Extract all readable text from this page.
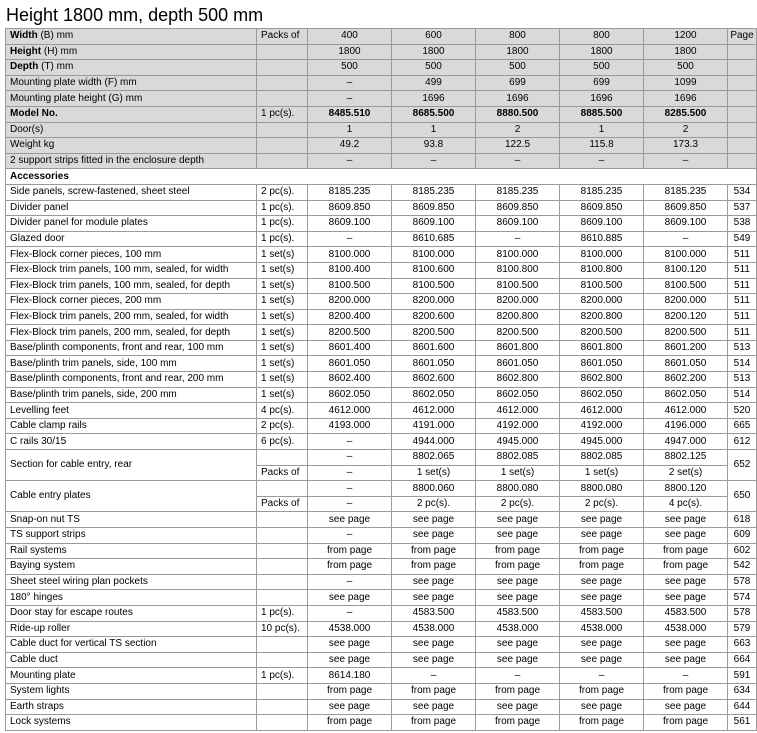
Height 1800 mm, depth 500 mm
Width (B) mm	Packs of	400	600	800	800	1200	Page
Height (H) mm		1800	1800	1800	1800	1800	
Depth (T) mm		500	500	500	500	500	
Mounting plate width (F) mm		–	499	699	699	1099	
Mounting plate height (G) mm		–	1696	1696	1696	1696	
Model No.	1 pc(s).	8485.510	8685.500	8880.500	8885.500	8285.500	
Door(s)		1	1	2	1	2	
Weight kg		49.2	93.8	122.5	115.8	173.3	
2 support strips fitted in the enclosure depth		–	–	–	–	–	
Accessories							
Side panels, screw-fastened, sheet steel	2 pc(s).	8185.235	8185.235	8185.235	8185.235	8185.235	534
Divider panel	1 pc(s).	8609.850	8609.850	8609.850	8609.850	8609.850	537
Divider panel for module plates	1 pc(s).	8609.100	8609.100	8609.100	8609.100	8609.100	538
Glazed door	1 pc(s).	–	8610.685	–	8610.885	–	549
Flex-Block corner pieces, 100 mm	1 set(s)	8100.000	8100.000	8100.000	8100.000	8100.000	511
Flex-Block trim panels, 100 mm, sealed, for width	1 set(s)	8100.400	8100.600	8100.800	8100.800	8100.120	511
Flex-Block trim panels, 100 mm, sealed, for depth	1 set(s)	8100.500	8100.500	8100.500	8100.500	8100.500	511
Flex-Block corner pieces, 200 mm	1 set(s)	8200.000	8200.000	8200.000	8200.000	8200.000	511
Flex-Block trim panels, 200 mm, sealed, for width	1 set(s)	8200.400	8200.600	8200.800	8200.800	8200.120	511
Flex-Block trim panels, 200 mm, sealed, for depth	1 set(s)	8200.500	8200.500	8200.500	8200.500	8200.500	511
Base/plinth components, front and rear, 100 mm	1 set(s)	8601.400	8601.600	8601.800	8601.800	8601.200	513
Base/plinth trim panels, side, 100 mm	1 set(s)	8601.050	8601.050	8601.050	8601.050	8601.050	514
Base/plinth components, front and rear, 200 mm	1 set(s)	8602.400	8602.600	8602.800	8602.800	8602.200	513
Base/plinth trim panels, side, 200 mm	1 set(s)	8602.050	8602.050	8602.050	8602.050	8602.050	514
Levelling feet	4 pc(s).	4612.000	4612.000	4612.000	4612.000	4612.000	520
Cable clamp rails	2 pc(s).	4193.000	4191.000	4192.000	4192.000	4196.000	665
C rails 30/15	6 pc(s).	–	4944.000	4945.000	4945.000	4947.000	612
Section for cable entry, rear		–	8802.065	8802.085	8802.085	8802.125	652
	Packs of	–	1 set(s)	1 set(s)	1 set(s)	2 set(s)	
Cable entry plates		–	8800.060	8800.080	8800.080	8800.120	650
	Packs of	–	2 pc(s).	2 pc(s).	2 pc(s).	4 pc(s).	
Snap-on nut TS		see page	see page	see page	see page	see page	618
TS support strips		–	see page	see page	see page	see page	609
Rail systems		from page	from page	from page	from page	from page	602
Baying system		from page	from page	from page	from page	from page	542
Sheet steel wiring plan pockets		–	see page	see page	see page	see page	578
180° hinges		see page	see page	see page	see page	see page	574
Door stay for escape routes	1 pc(s).	–	4583.500	4583.500	4583.500	4583.500	578
Ride-up roller	10 pc(s).	4538.000	4538.000	4538.000	4538.000	4538.000	579
Cable duct for vertical TS section		see page	see page	see page	see page	see page	663
Cable duct		see page	see page	see page	see page	see page	664
Mounting plate	1 pc(s).	8614.180	–	–	–	–	591
System lights		from page	from page	from page	from page	from page	634
Earth straps		see page	see page	see page	see page	see page	644
Lock systems		from page	from page	from page	from page	from page	561
